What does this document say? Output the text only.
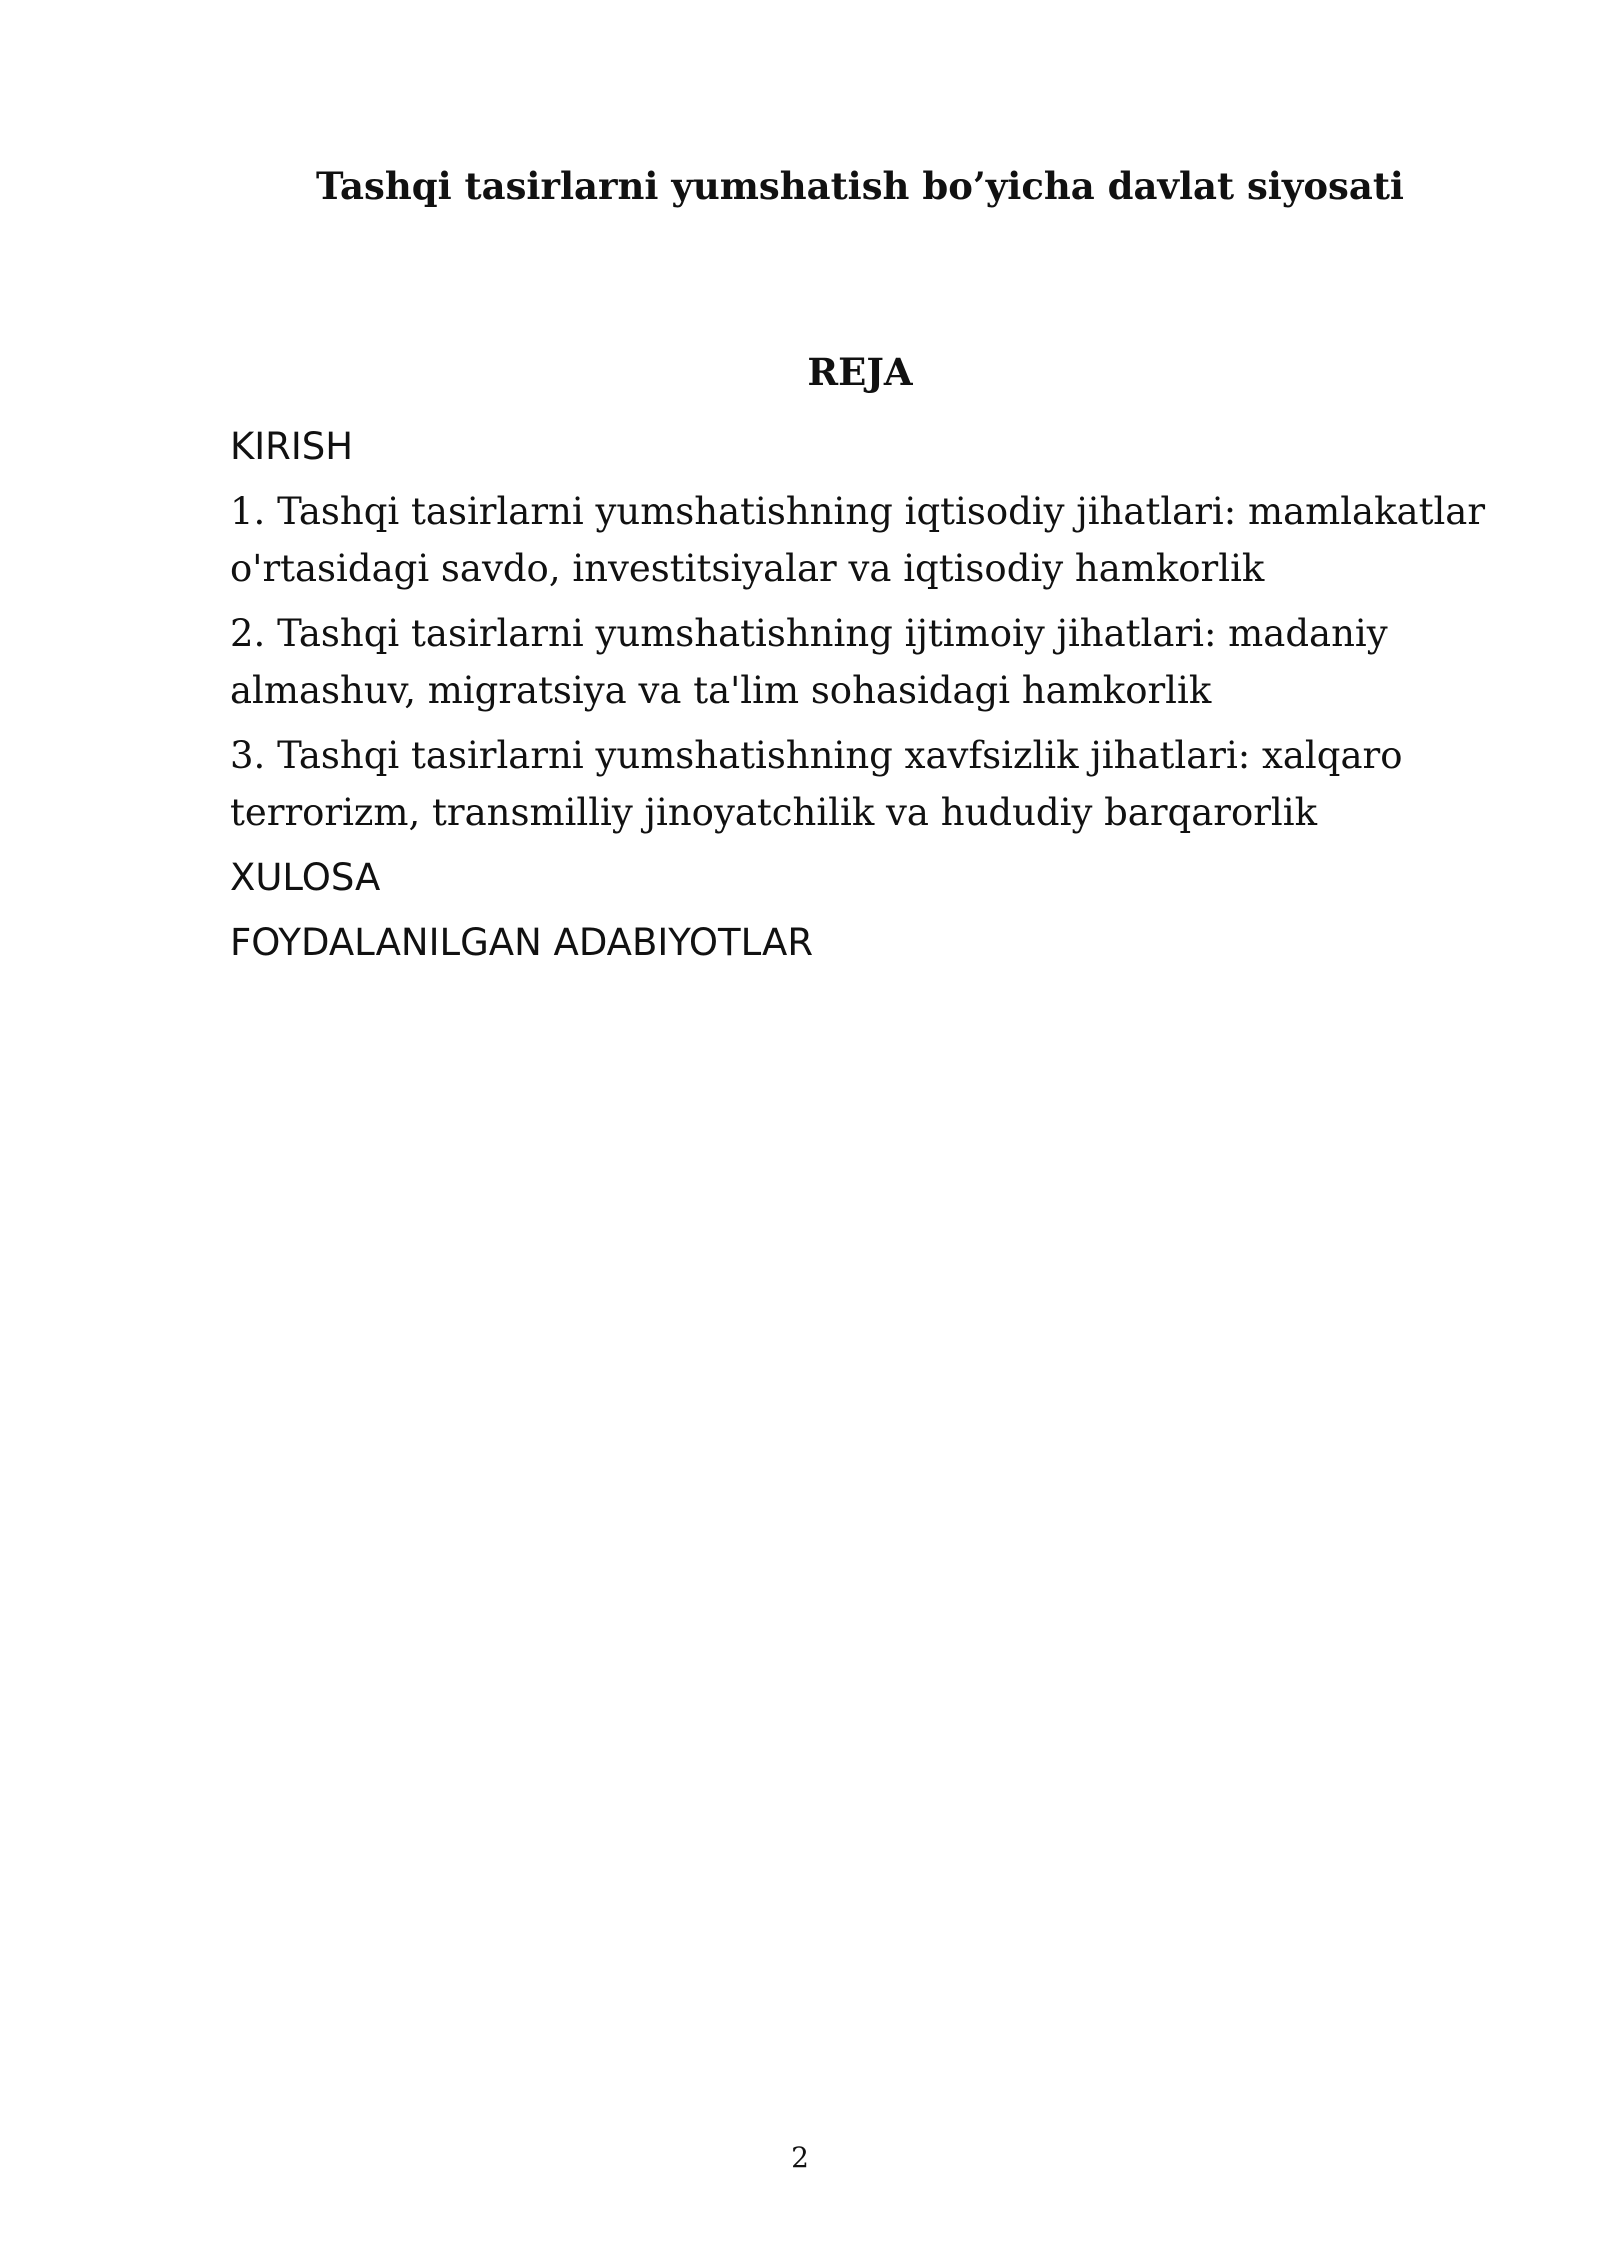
Tashqi tasirlarni yumshatish bo’yicha davlat siyosati
REJA
KIRISH
1. Tashqi tasirlarni yumshatishning iqtisodiy jihatlari: mamlakatlar o'rtasidagi savdo, investitsiyalar va iqtisodiy hamkorlik
2. Tashqi tasirlarni yumshatishning ijtimoiy jihatlari: madaniy almashuv, migratsiya va ta'lim sohasidagi hamkorlik
3. Tashqi tasirlarni yumshatishning xavfsizlik jihatlari: xalqaro terrorizm, transmilliy jinoyatchilik va hududiy barqarorlik
XULOSA
FOYDALANILGAN ADABIYOTLAR
2
